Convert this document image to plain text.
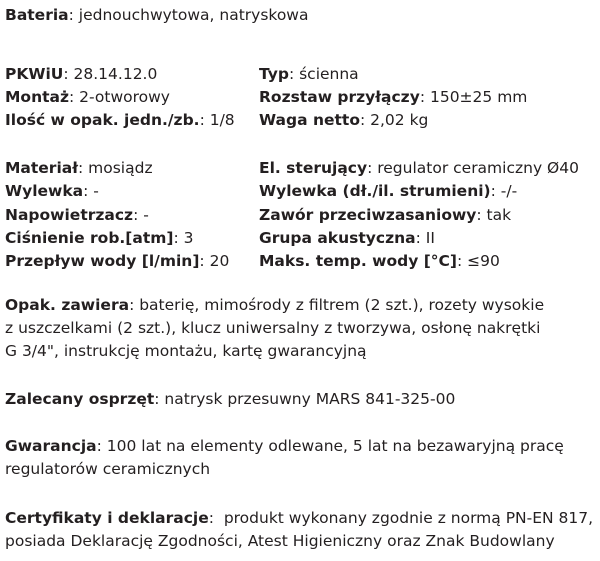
Bateria: jednouchwytowa, natryskowa
PKWiU: 28.14.12.0
Montaż: 2-otworowy
Ilość w opak. jedn./zb.: 1/8
Typ: ścienna
Rozstaw przyłączy: 150±25 mm
Waga netto: 2,02 kg
Materiał: mosiądz
Wylewka: -
Napowietrzacz: -
Ciśnienie rob.[atm]: 3
Przepływ wody [l/min]: 20
El. sterujący: regulator ceramiczny Ø40
Wylewka (dł./il. strumieni): -/-
Zawór przeciwzasaniowy: tak
Grupa akustyczna: II
Maks. temp. wody [°C]: ≤90
Opak. zawiera: baterię, mimośrody z filtrem (2 szt.), rozety wysokie
z uszczelkami (2 szt.), klucz uniwersalny z tworzywa, osłonę nakrętki
G 3/4", instrukcję montażu, kartę gwarancyjną
Zalecany osprzęt: natrysk przesuwny MARS 841-325-00
Gwarancja: 100 lat na elementy odlewane, 5 lat na bezawaryjną pracę
regulatorów ceramicznych
Certyfikaty i deklaracje:  produkt wykonany zgodnie z normą PN-EN 817,
posiada Deklarację Zgodności, Atest Higieniczny oraz Znak Budowlany
